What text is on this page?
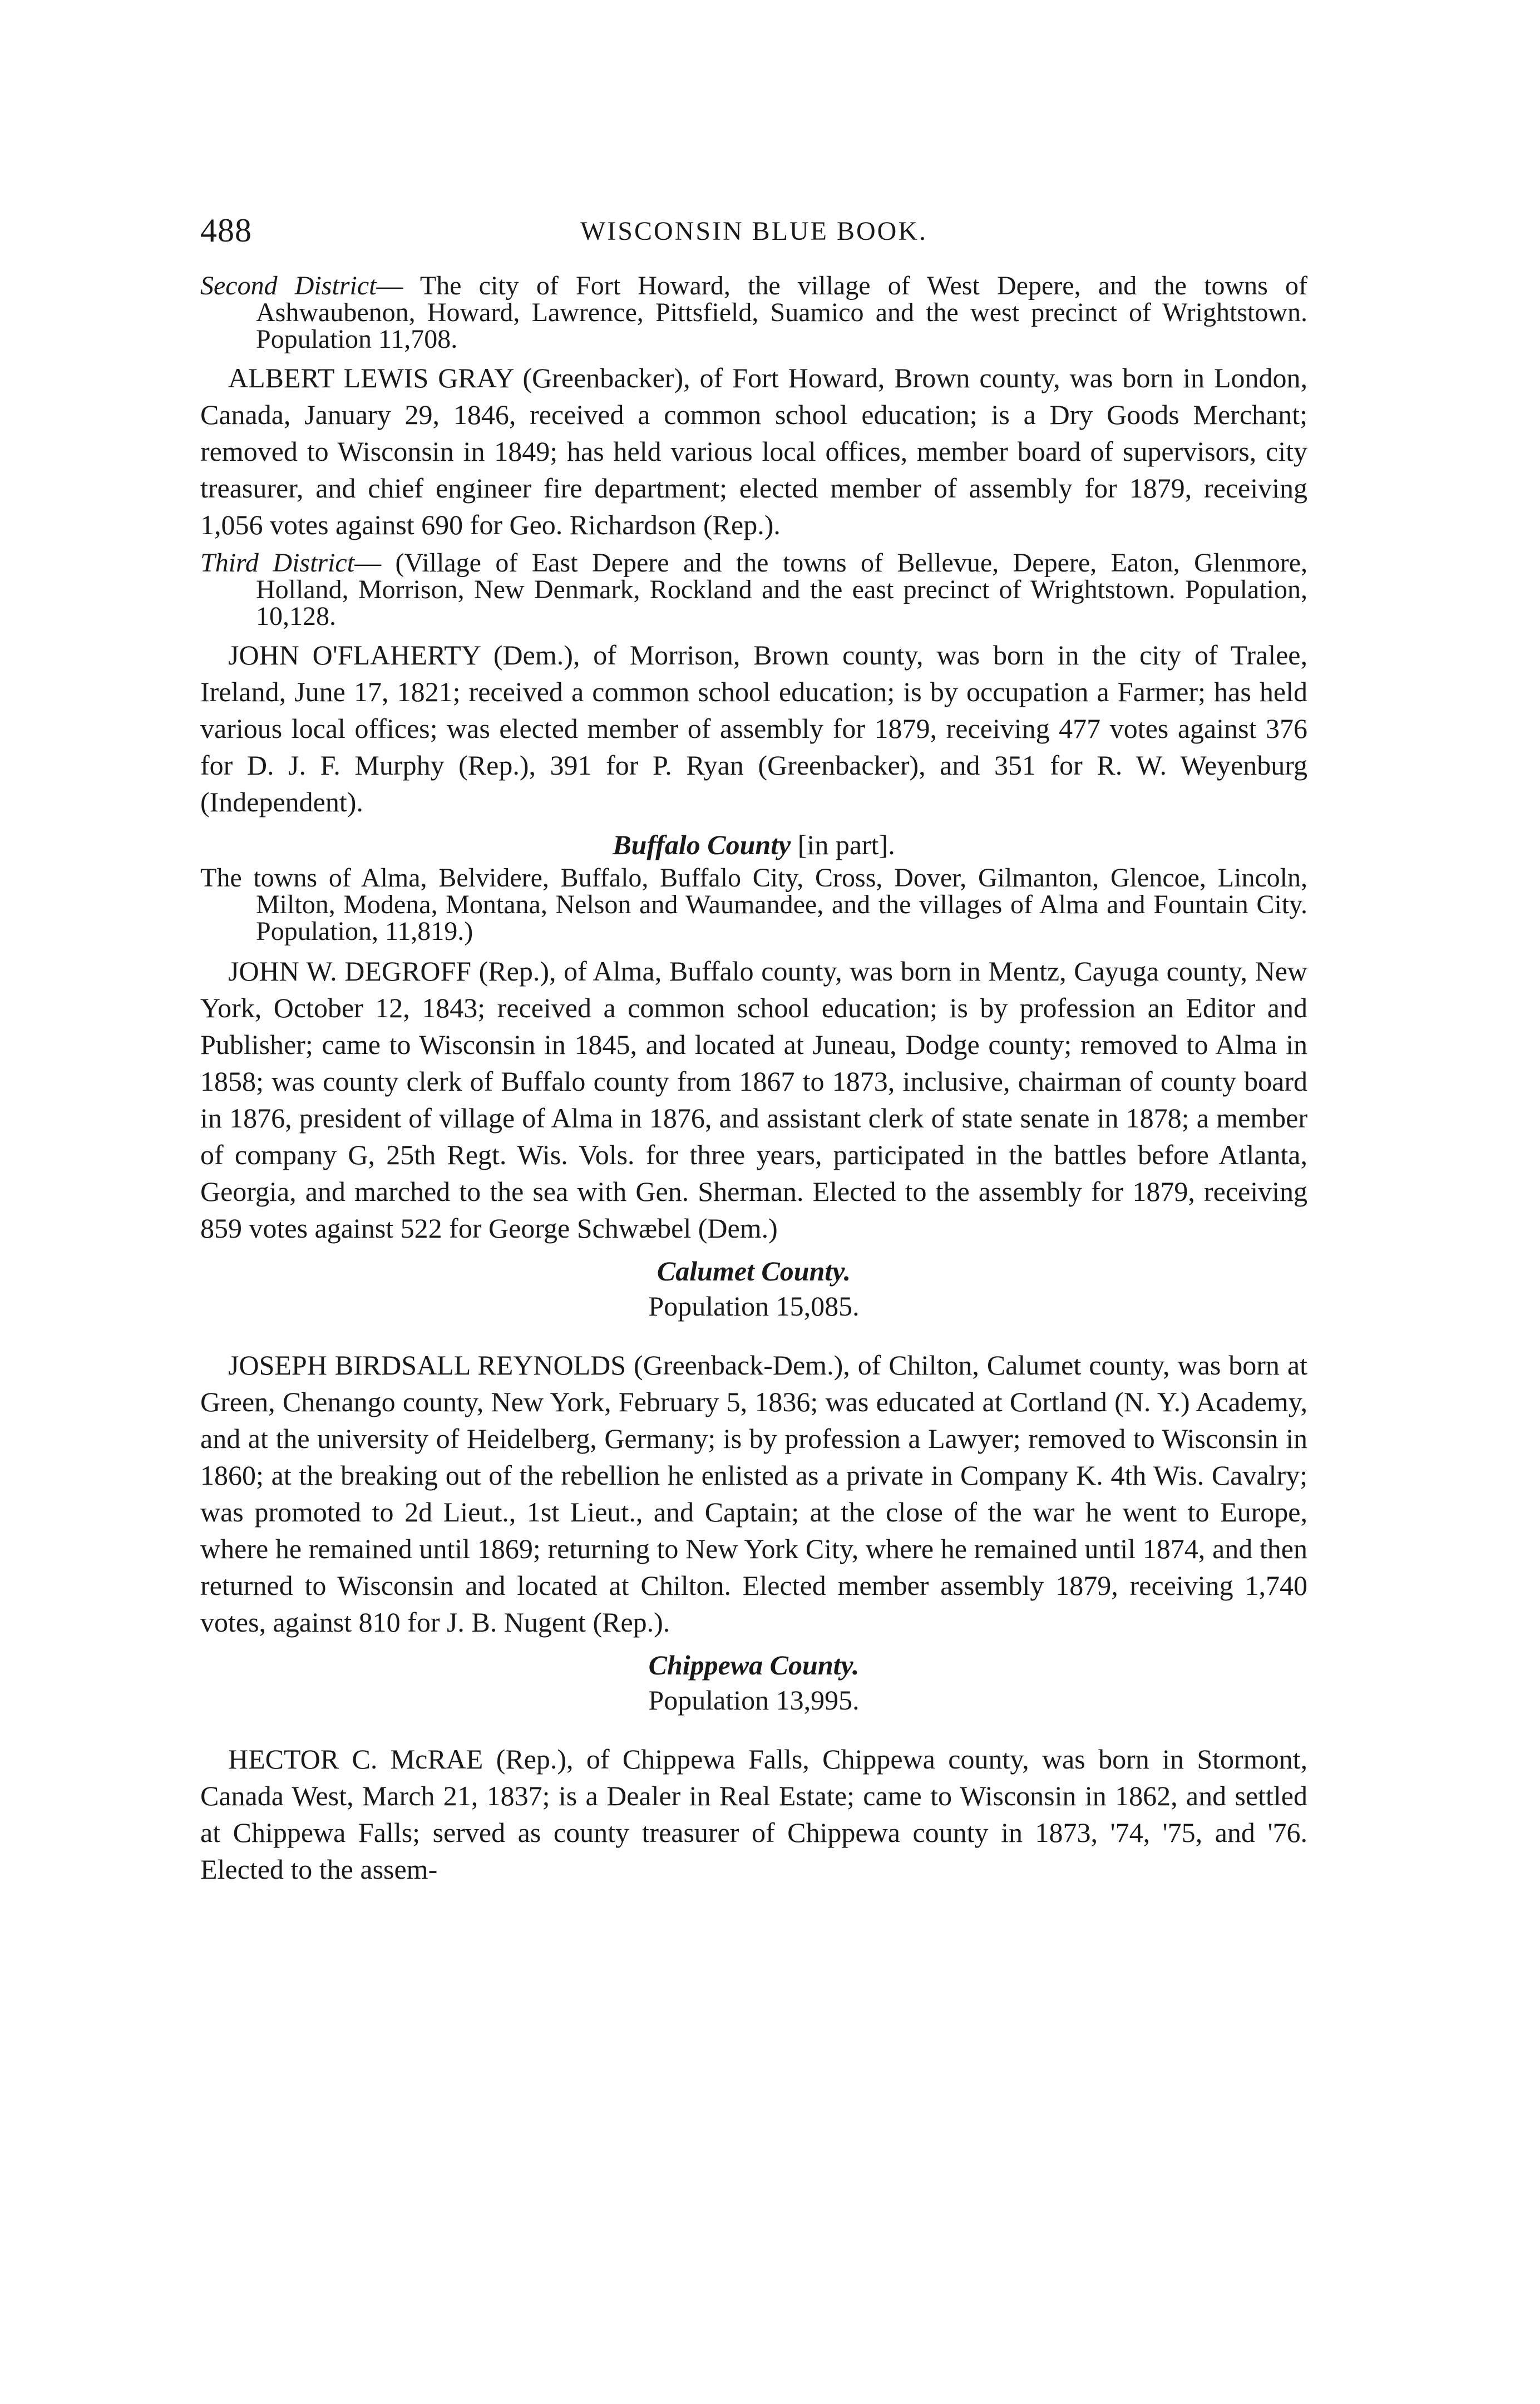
488	WISCONSIN BLUE BOOK.

Second District— The city of Fort Howard, the village of West Depere, and the towns of Ashwaubenon, Howard, Lawrence, Pittsfield, Suamico and the west precinct of Wrightstown. Population 11,708.

ALBERT LEWIS GRAY (Greenbacker), of Fort Howard, Brown county, was born in London, Canada, January 29, 1846, received a common school education; is a Dry Goods Merchant; removed to Wisconsin in 1849; has held various local offices, member board of supervisors, city treasurer, and chief engineer fire department; elected member of assembly for 1879, receiving 1,056 votes against 690 for Geo. Richardson (Rep.).

Third District— (Village of East Depere and the towns of Bellevue, Depere, Eaton, Glenmore, Holland, Morrison, New Denmark, Rockland and the east precinct of Wrightstown. Population, 10,128.

JOHN O'FLAHERTY (Dem.), of Morrison, Brown county, was born in the city of Tralee, Ireland, June 17, 1821; received a common school education; is by occupation a Farmer; has held various local offices; was elected member of assembly for 1879, receiving 477 votes against 376 for D. J. F. Murphy (Rep.), 391 for P. Ryan (Greenbacker), and 351 for R. W. Weyenburg (Independent).

Buffalo County [in part].

The towns of Alma, Belvidere, Buffalo, Buffalo City, Cross, Dover, Gilmanton, Glencoe, Lincoln, Milton, Modena, Montana, Nelson and Waumandee, and the villages of Alma and Fountain City. Population, 11,819.)

JOHN W. DEGROFF (Rep.), of Alma, Buffalo county, was born in Mentz, Cayuga county, New York, October 12, 1843; received a common school education; is by profession an Editor and Publisher; came to Wisconsin in 1845, and located at Juneau, Dodge county; removed to Alma in 1858; was county clerk of Buffalo county from 1867 to 1873, inclusive, chairman of county board in 1876, president of village of Alma in 1876, and assistant clerk of state senate in 1878; a member of company G, 25th Regt. Wis. Vols. for three years, participated in the battles before Atlanta, Georgia, and marched to the sea with Gen. Sherman. Elected to the assembly for 1879, receiving 859 votes against 522 for George Schwæbel (Dem.)

Calumet County.
Population 15,085.

JOSEPH BIRDSALL REYNOLDS (Greenback-Dem.), of Chilton, Calumet county, was born at Green, Chenango county, New York, February 5, 1836; was educated at Cortland (N. Y.) Academy, and at the university of Heidelberg, Germany; is by profession a Lawyer; removed to Wisconsin in 1860; at the breaking out of the rebellion he enlisted as a private in Company K. 4th Wis. Cavalry; was promoted to 2d Lieut., 1st Lieut., and Captain; at the close of the war he went to Europe, where he remained until 1869; returning to New York City, where he remained until 1874, and then returned to Wisconsin and located at Chilton. Elected member assembly 1879, receiving 1,740 votes, against 810 for J. B. Nugent (Rep.).

Chippewa County.
Population 13,995.

HECTOR C. McRAE (Rep.), of Chippewa Falls, Chippewa county, was born in Stormont, Canada West, March 21, 1837; is a Dealer in Real Estate; came to Wisconsin in 1862, and settled at Chippewa Falls; served as county treasurer of Chippewa county in 1873, '74, '75, and '76. Elected to the assem-
